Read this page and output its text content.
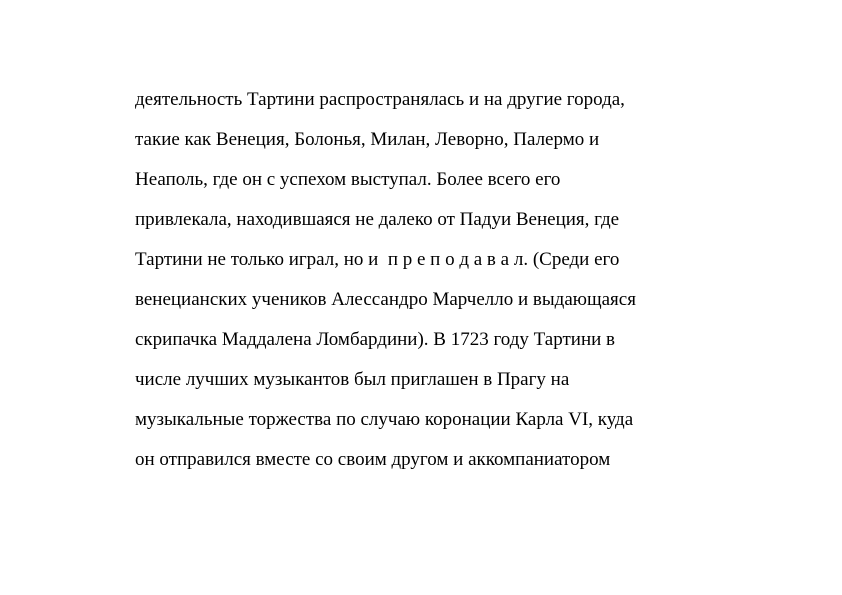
деятельность Тартини распространялась и на другие города,
такие как Венеция, Болонья, Милан, Леворно, Палермо и
Неаполь, где он с успехом выступал. Более всего его
привлекала, находившаяся не далеко от Падуи Венеция, где
Тартини не только играл, но и  п р е п о д а в а л. (Среди его
венецианских учеников Алессандро Марчелло и выдающаяся
скрипачка Маддалена Ломбардини). В 1723 году Тартини в
числе лучших музыкантов был приглашен в Прагу на
музыкальные торжества по случаю коронации Карла VI, куда
он отправился вместе со своим другом и аккомпаниатором
